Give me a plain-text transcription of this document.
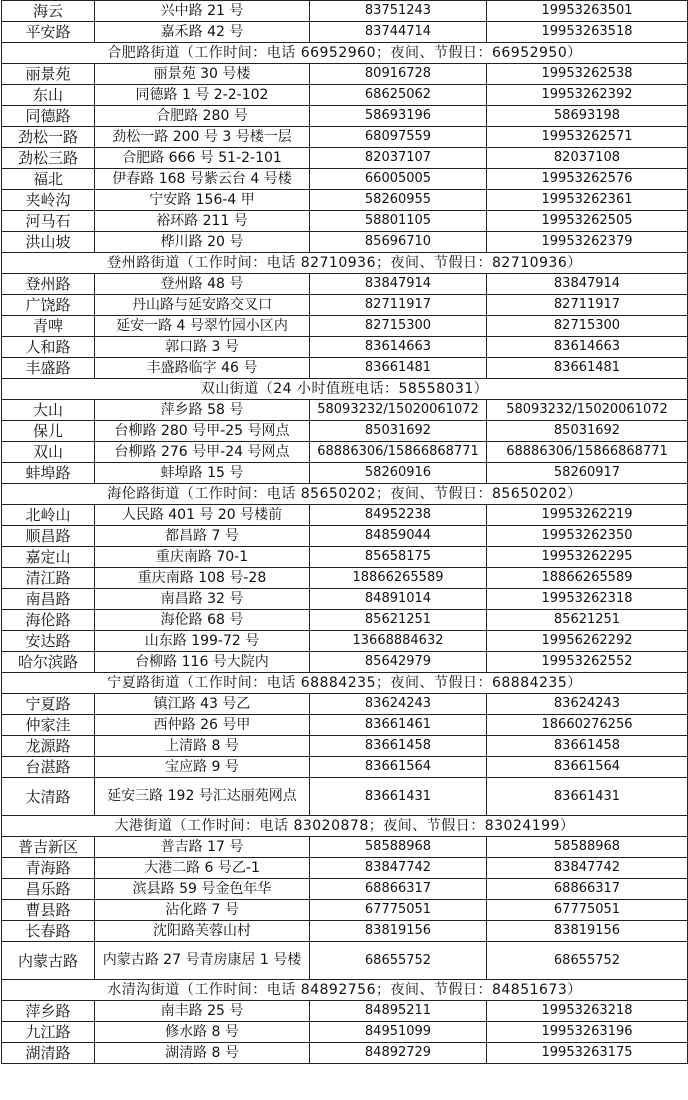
海云	兴中路 21 号	83751243	19953263501
平安路	嘉禾路 42 号	83744714	19953263518
合肥路街道（工作时间：电话 66952960；夜间、节假日：66952950）			
丽景苑	丽景苑 30 号楼	80916728	19953262538
东山	同德路 1 号 2-2-102	68625062	19953262392
同德路	合肥路 280 号	58693196	58693198
劲松一路	劲松一路 200 号 3 号楼一层	68097559	19953262571
劲松三路	合肥路 666 号 51-2-101	82037107	82037108
福北	伊春路 168 号紫云台 4 号楼	66005005	19953262576
夹岭沟	宁安路 156-4 甲	58260955	19953262361
河马石	裕环路 211 号	58801105	19953262505
洪山坡	桦川路 20 号	85696710	19953262379
登州路街道（工作时间：电话 82710936；夜间、节假日：82710936）			
登州路	登州路 48 号	83847914	83847914
广饶路	丹山路与延安路交叉口	82711917	82711917
青啤	延安一路 4 号翠竹园小区内	82715300	82715300
人和路	郭口路 3 号	83614663	83614663
丰盛路	丰盛路临字 46 号	83661481	83661481
双山街道（24 小时值班电话：58558031）			
大山	萍乡路 58 号	58093232/15020061072	58093232/15020061072
保儿	台柳路 280 号甲-25 号网点	85031692	85031692
双山	台柳路 276 号甲-24 号网点	68886306/15866868771	68886306/15866868771
蚌埠路	蚌埠路 15 号	58260916	58260917
海伦路街道（工作时间：电话 85650202；夜间、节假日：85650202）			
北岭山	人民路 401 号 20 号楼前	84952238	19953262219
顺昌路	都昌路 7 号	84859044	19953262350
嘉定山	重庆南路 70-1	85658175	19953262295
清江路	重庆南路 108 号-28	18866265589	18866265589
南昌路	南昌路 32 号	84891014	19953262318
海伦路	海伦路 68 号	85621251	85621251
安达路	山东路 199-72 号	13668884632	19956262292
哈尔滨路	台柳路 116 号大院内	85642979	19953262552
宁夏路街道（工作时间：电话 68884235；夜间、节假日：68884235）			
宁夏路	镇江路 43 号乙	83624243	83624243
仲家洼	西仲路 26 号甲	83661461	18660276256
龙源路	上清路 8 号	83661458	83661458
台湛路	宝应路 9 号	83661564	83661564
太清路	延安三路 192 号汇达丽苑网点	83661431	83661431
大港街道（工作时间：电话 83020878；夜间、节假日：83024199）			
普吉新区	普吉路 17 号	58588968	58588968
青海路	大港二路 6 号乙-1	83847742	83847742
昌乐路	滨县路 59 号金色年华	68866317	68866317
曹县路	沾化路 7 号	67775051	67775051
长春路	沈阳路芙蓉山村	83819156	83819156
内蒙古路	内蒙古路 27 号青房康居 1 号楼	68655752	68655752
水清沟街道（工作时间：电话 84892756；夜间、节假日：84851673）			
萍乡路	南丰路 25 号	84895211	19953263218
九江路	修水路 8 号	84951099	19953263196
湖清路	湖清路 8 号	84892729	19953263175
